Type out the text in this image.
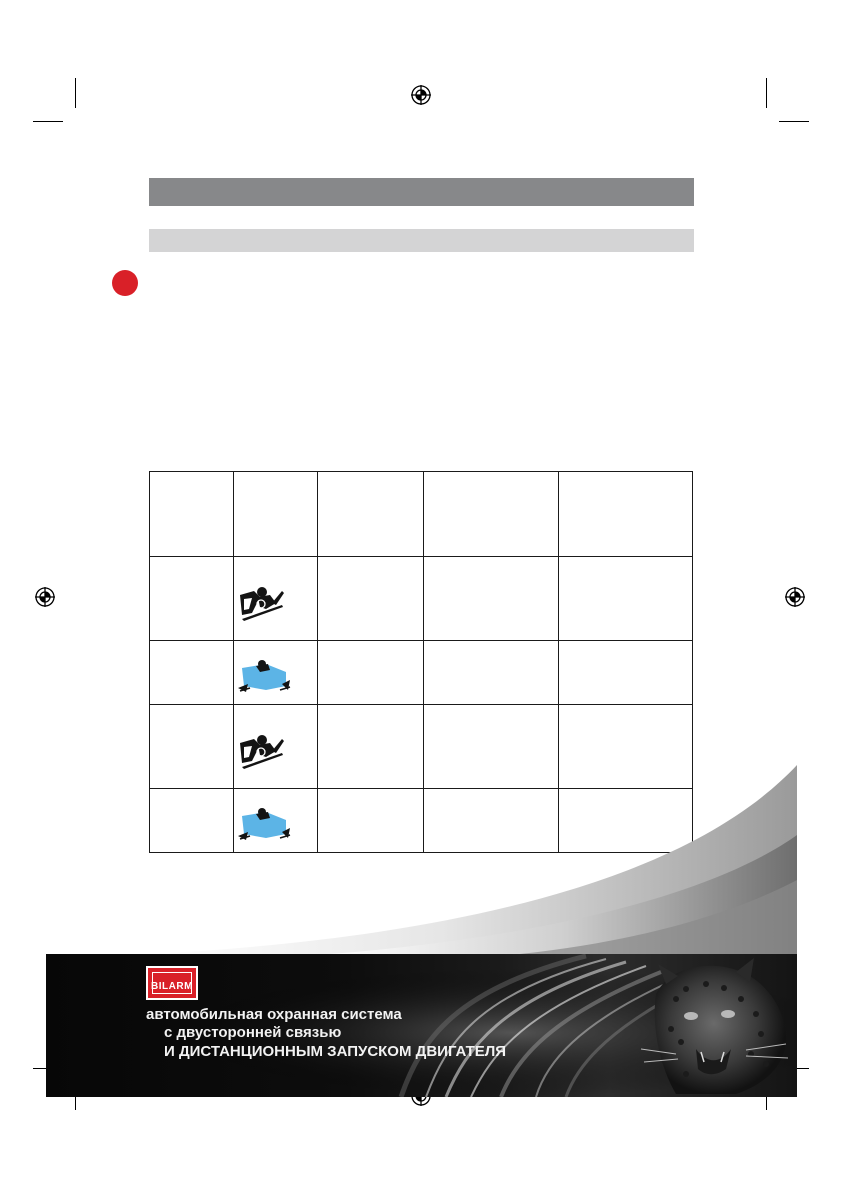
BILARM
автомобильная охранная система
с двусторонней связью
И ДИСТАНЦИОННЫМ ЗАПУСКОМ ДВИГАТЕЛЯ
